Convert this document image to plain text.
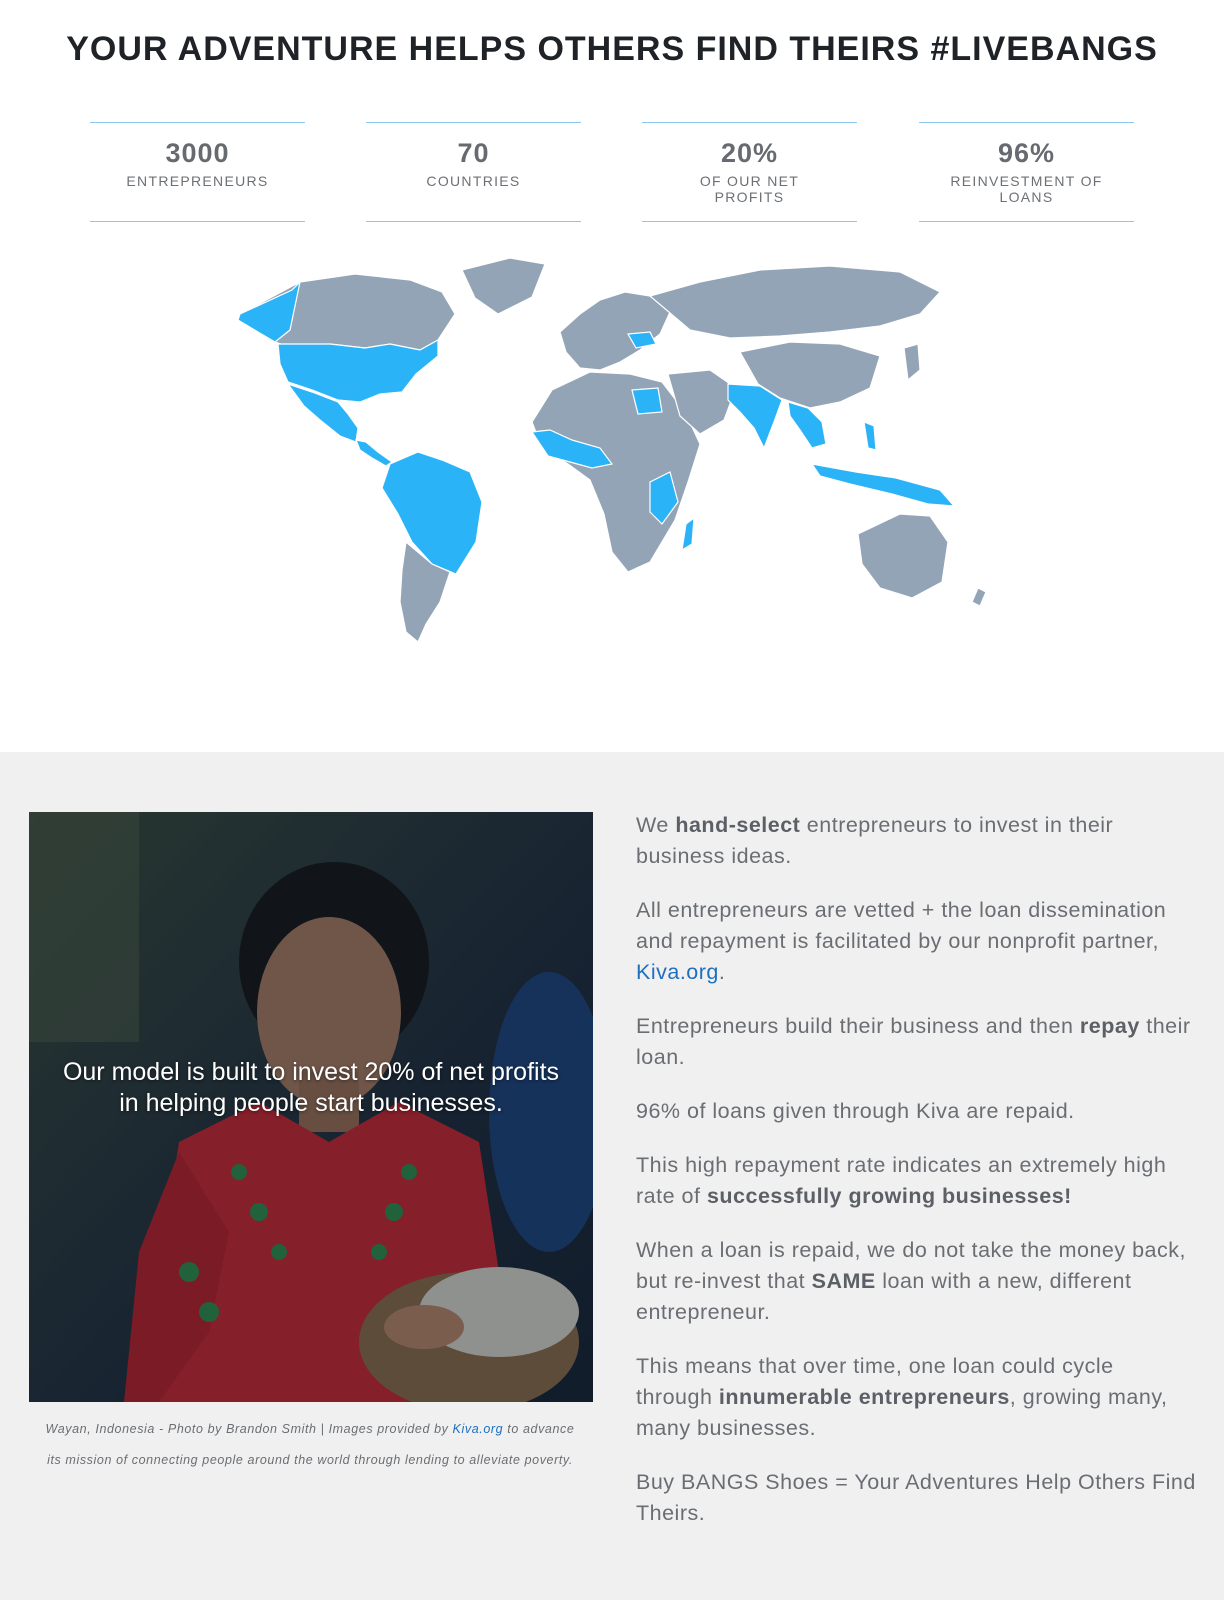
YOUR ADVENTURE HELPS OTHERS FIND THEIRS #LIVEBANGS
3000
ENTREPRENEURS
70
COUNTRIES
20%
OF OUR NET PROFITS
96%
REINVESTMENT OF LOANS
Our model is built to invest 20% of net profits in helping people start businesses.
Wayan, Indonesia - Photo by Brandon Smith | Images provided by Kiva.org to advance its mission of connecting people around the world through lending to alleviate poverty.

We hand-select entrepreneurs to invest in their business ideas.

All entrepreneurs are vetted + the loan dissemination and repayment is facilitated by our nonprofit partner, Kiva.org.

Entrepreneurs build their business and then repay their loan.

96% of loans given through Kiva are repaid.

This high repayment rate indicates an extremely high rate of successfully growing businesses!

When a loan is repaid, we do not take the money back, but re-invest that SAME loan with a new, different entrepreneur.

This means that over time, one loan could cycle through innumerable entrepreneurs, growing many, many businesses.

Buy BANGS Shoes = Your Adventures Help Others Find Theirs.
